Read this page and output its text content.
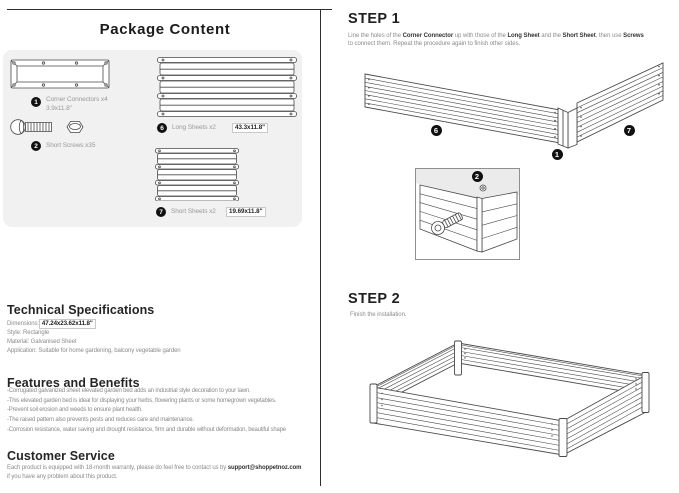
Package Content
1	Corner Connectors x4
3.9x11.8"
2	Short Screws x35
6	Long Sheets x2	43.3x11.8"
7	Short Sheets x2	19.69x11.8"
Technical Specifications
Dimensions: 47.24x23.62x11.8"
Style: Rectangle
Material: Galvanised Sheet
Application: Suitable for home gardening, balcony vegetable garden
Features and Benefits
-Corrugated galvanized sheet elevated garden bed adds an industrial style decoration to your lawn.
-This elevated garden bed is ideal for displaying your herbs, flowering plants or some homegrown vegetables.
-Prevent soil erosion and weeds to ensure plant health.
-The raised pattern also prevents pests and reduces care and maintenance.
-Corrosion resistance, water saving and drought resistance, firm and durable without deformation, beautiful shape
Customer Service
Each product is equipped with 18-month warranty, please do feel free to contact us by support@shoppetnoz.com
if you have any problem about this product.
STEP 1
Line the holes of the Corner Connector up with those of the Long Sheet and the Short Sheet, then use Screws
to connect them. Repeat the procedure again to finish other sides.
6
1
7
2
STEP 2
Finish the installation.
